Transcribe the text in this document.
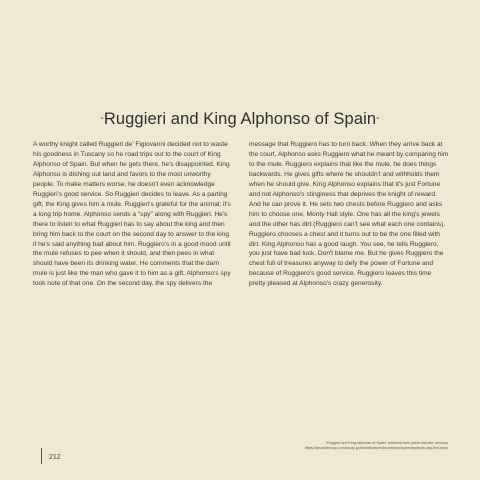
-Ruggieri and King Alphonso of Spain-

A worthy knight called Ruggieri de' Figiovanni decided not to waste his goodness in Tuscany so he road trips out to the court of King Alphonso of Spain. But when he gets there, he's disappointed. King Alphonso is dishing out land and favors to the most unworthy people. To make matters worse, he doesn't even acknowledge Ruggieri's good service. So Ruggieri decides to leave. As a parting gift, the King gives him a mule. Ruggieri's grateful for the animal; it's a long trip home. Alphonso sends a "spy" along with Ruggieri. He's there to listen to what Ruggieri has to say about the king and then bring him back to the court on the second day to answer to the king if he's said anything bad about him. Ruggiero's in a good mood until the mule refuses to pee when it should, and then pees in what should have been its drinking water. He comments that the darn mule is just like the man who gave it to him as a gift. Alphonso's spy took note of that one. On the second day, the spy delivers the

message that Ruggiero has to turn back. When they arrive back at the court, Alphonso asks Ruggiero what he meant by comparing him to the mule. Ruggiero explains that like the mule, he does things backwards. He gives gifts where he shouldn't and withholds them when he should give. King Alphonso explains that it's just Fortune and not Alphonso's stinginess that deprives the knight of reward. And he can prove it. He sets two chests before Ruggiero and asks him to choose one, Monty Hall style. One has all the king's jewels and the other has dirt (Ruggiero can't see what each one contains). Ruggiero chooses a chest and it turns out to be the one filled with dirt. King Alphonso has a good laugh. You see, he tells Ruggiero, you just have bad luck. Don't blame me. But he gives Ruggiero the chest full of treasures anyway to defy the power of Fortune and because of Ruggiero's good service. Ruggiero leaves this time pretty pleased at Alphonso's crazy generosity.

"Ruggieri and King Alphonso of Spain" retrieved from public domain: shmoop
https://www.shmoop.com/study-guides/literature/decameron/summary/tenth-day-first-story
212
